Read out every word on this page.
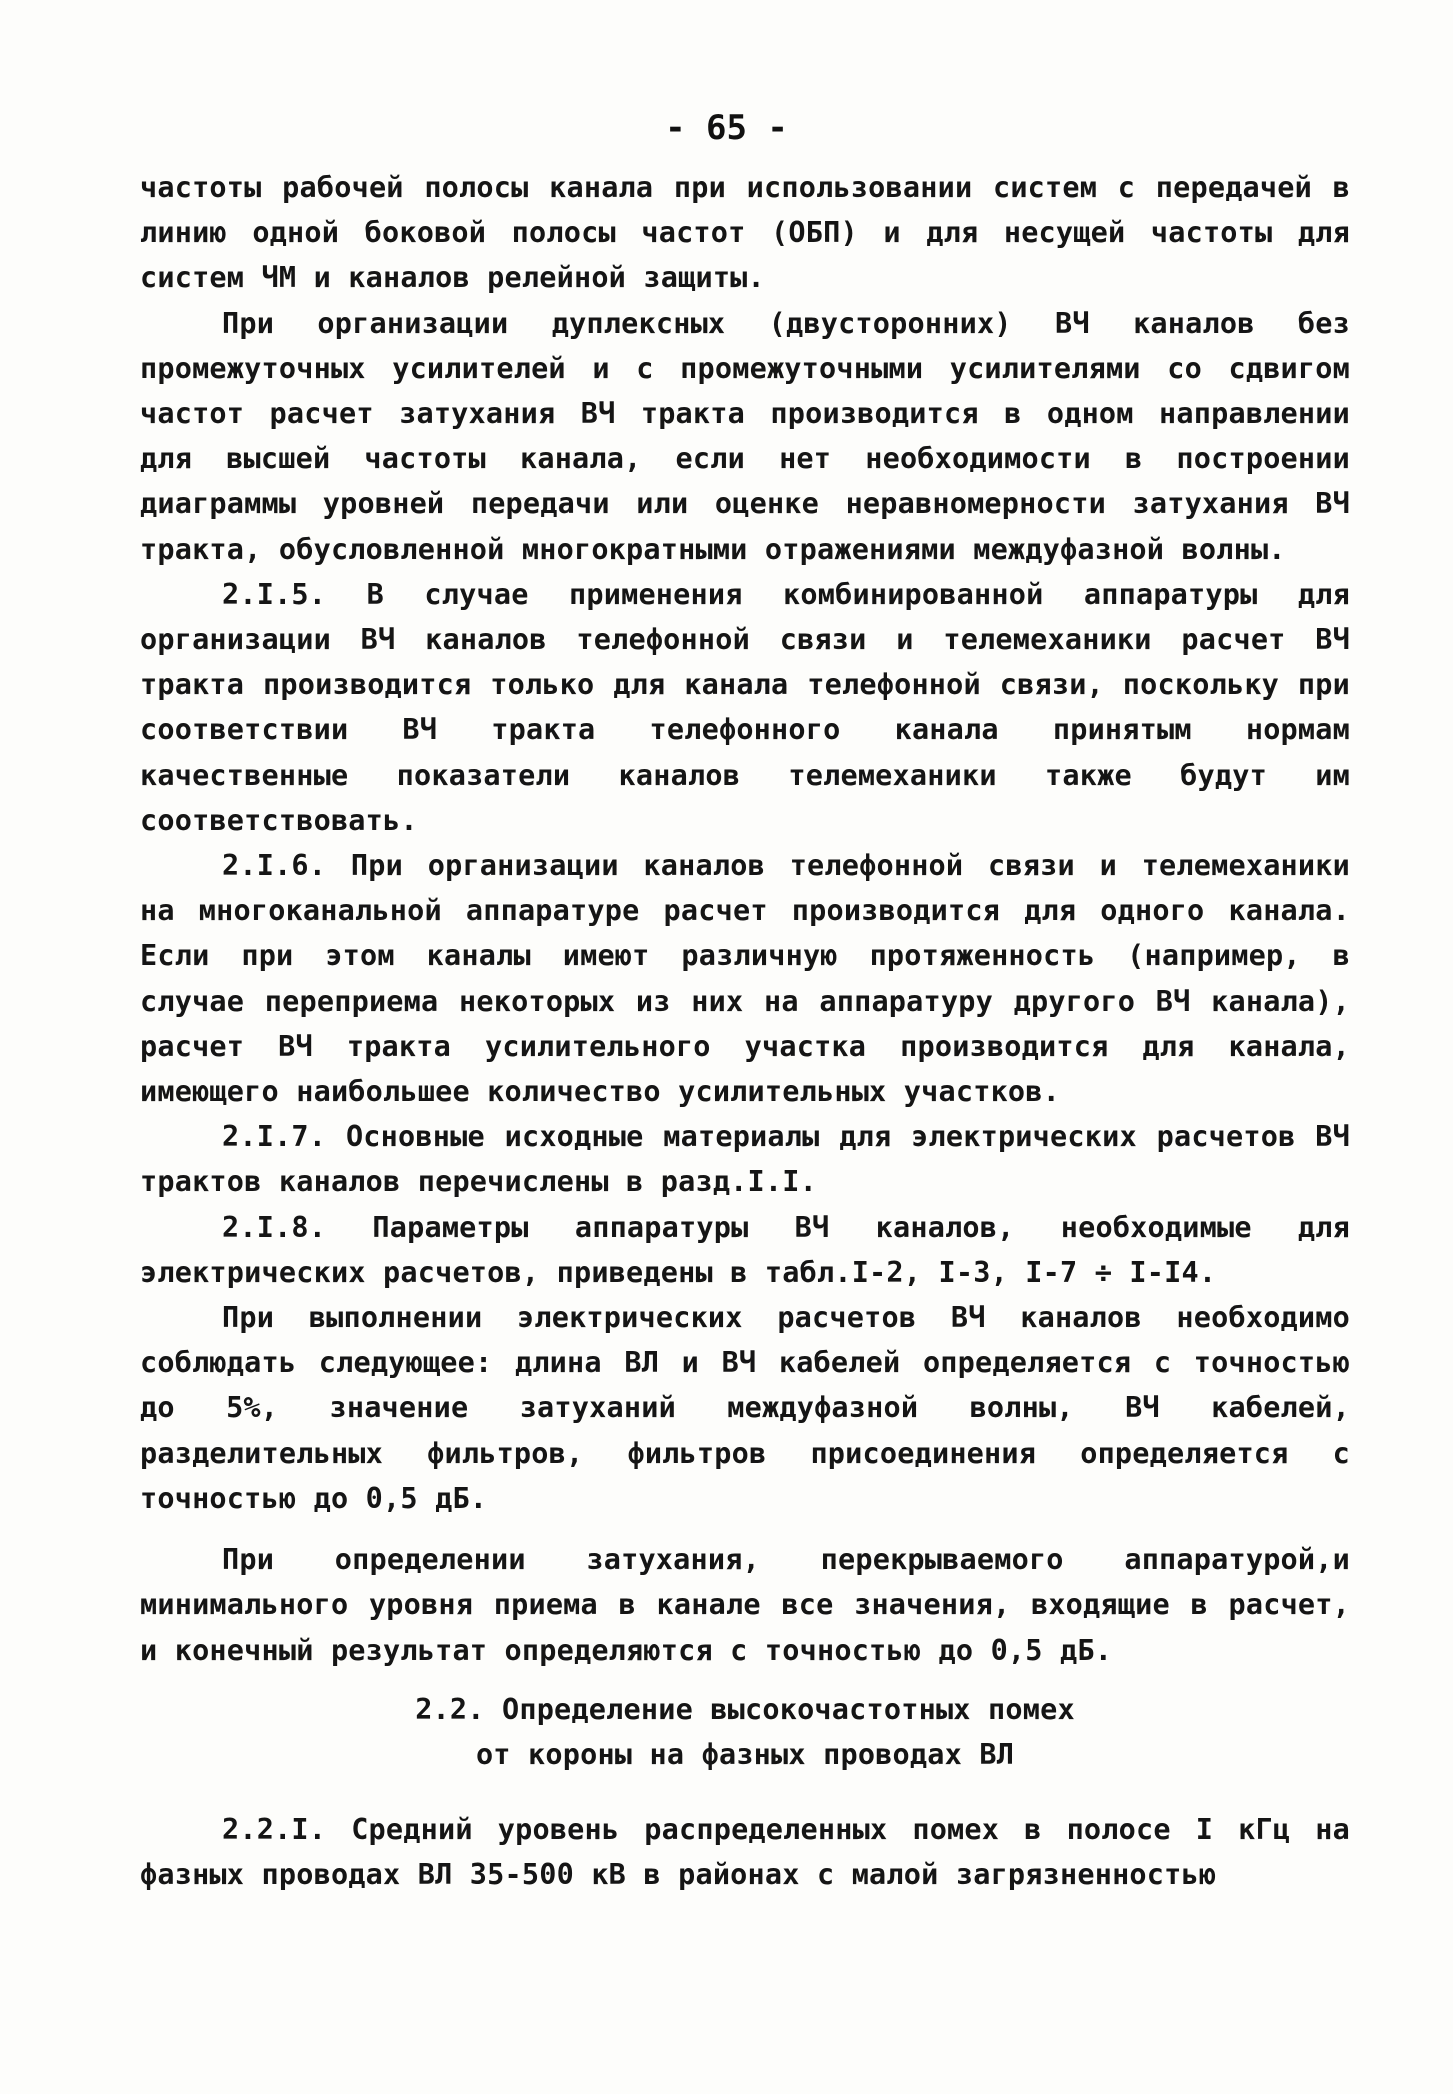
- 65 -

частоты рабочей полосы канала при использовании систем с передачей в линию одной боковой полосы частот (ОБП) и для несущей частоты для систем ЧМ и каналов релейной защиты.

При организации дуплексных (двусторонних) ВЧ каналов без промежуточных усилителей и с промежуточными усилителями со сдвигом частот расчет затухания ВЧ тракта производится в одном направлении для высшей частоты канала, если нет необходимости в построении диаграммы уровней передачи или оценке неравномерности затухания ВЧ тракта, обусловленной многократными отражениями междуфазной волны.

2.I.5. В случае применения комбинированной аппаратуры для организации ВЧ каналов телефонной связи и телемеханики расчет ВЧ тракта производится только для канала телефонной связи, поскольку при соответствии ВЧ тракта телефонного канала принятым нормам качественные показатели каналов телемеханики также будут им соответствовать.

2.I.6. При организации каналов телефонной связи и телемеханики на многоканальной аппаратуре расчет производится для одного канала. Если при этом каналы имеют различную протяженность (например, в случае переприема некоторых из них на аппаратуру другого ВЧ канала), расчет ВЧ тракта усилительного участка производится для канала, имеющего наибольшее количество усилительных участков.

2.I.7. Основные исходные материалы для электрических расчетов ВЧ трактов каналов перечислены в разд.I.I.

2.I.8. Параметры аппаратуры ВЧ каналов, необходимые для электрических расчетов, приведены в табл.I-2, I-3, I-7 ÷ I-I4.

При выполнении электрических расчетов ВЧ каналов необходимо соблюдать следующее: длина ВЛ и ВЧ кабелей определяется с точностью до 5%, значение затуханий междуфазной волны, ВЧ кабелей, разделительных фильтров, фильтров присоединения определяется с точностью до 0,5 дБ.

При определении затухания, перекрываемого аппаратурой,и минимального уровня приема в канале все значения, входящие в расчет, и конечный результат определяются с точностью до 0,5 дБ.

2.2. Определение высокочастотных помех
от короны на фазных проводах ВЛ

2.2.I. Средний уровень распределенных помех в полосе I кГц на фазных проводах ВЛ 35-500 кВ в районах с малой загрязненностью
